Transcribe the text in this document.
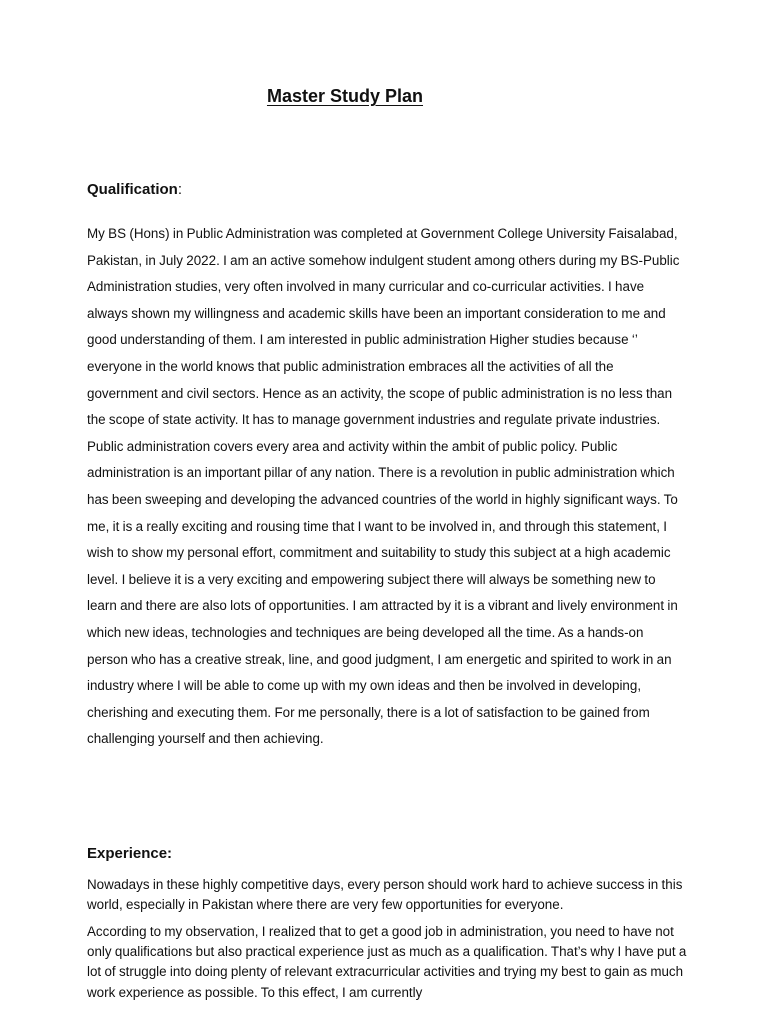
Master Study Plan
Qualification:

My BS (Hons) in Public Administration was completed at Government College University Faisalabad, Pakistan, in July 2022. I am an active somehow indulgent student among others during my BS-Public Administration studies, very often involved in many curricular and co-curricular activities. I have always shown my willingness and academic skills have been an important consideration to me and good understanding of them. I am interested in public administration Higher studies because ‘’ everyone in the world knows that public administration embraces all the activities of all the government and civil sectors. Hence as an activity, the scope of public administration is no less than the scope of state activity. It has to manage government industries and regulate private industries. Public administration covers every area and activity within the ambit of public policy. Public administration is an important pillar of any nation. There is a revolution in public administration which has been sweeping and developing the advanced countries of the world in highly significant ways. To me, it is a really exciting and rousing time that I want to be involved in, and through this statement, I wish to show my personal effort, commitment and suitability to study this subject at a high academic level. I believe it is a very exciting and empowering subject there will always be something new to learn and there are also lots of opportunities. I am attracted by it is a vibrant and lively environment in which new ideas, technologies and techniques are being developed all the time. As a hands-on person who has a creative streak, line, and good judgment, I am energetic and spirited to work in an industry where I will be able to come up with my own ideas and then be involved in developing, cherishing and executing them. For me personally, there is a lot of satisfaction to be gained from challenging yourself and then achieving.

Experience:

Nowadays in these highly competitive days, every person should work hard to achieve success in this world, especially in Pakistan where there are very few opportunities for everyone.

According to my observation, I realized that to get a good job in administration, you need to have not only qualifications but also practical experience just as much as a qualification. That’s why I have put a lot of struggle into doing plenty of relevant extracurricular activities and trying my best to gain as much work experience as possible. To this effect, I am currently
